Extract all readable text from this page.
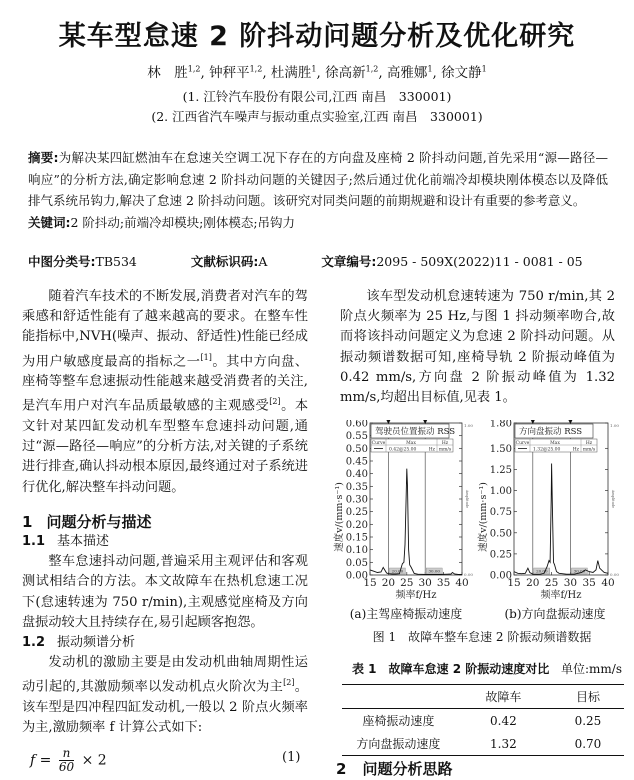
某车型怠速 2 阶抖动问题分析及优化研究
林　胜$^{1,2}$, 钟秤平$^{1,2}$, 杜满胜$^1$, 徐高新$^{1,2}$, 高雅娜$^1$, 徐文静$^1$
(1. 江铃汽车股份有限公司,江西 南昌　330001)
(2. 江西省汽车噪声与振动重点实验室,江西 南昌　330001)
摘要:为解决某四缸燃油车在怠速关空调工况下存在的方向盘及座椅 2 阶抖动问题,首先采用“源—路径—响应”的分析方法,确定影响怠速 2 阶抖动问题的关键因子;然后通过优化前端冷却模块刚体模态以及降低排气系统吊钩力,解决了怠速 2 阶抖动问题。该研究对同类问题的前期规避和设计有重要的参考意义。
关键词:2 阶抖动;前端冷却模块;刚体模态;吊钩力
中图分类号:TB534	文献标识码:A	文章编号:2095 - 509X(2022)11 - 0081 - 05

随着汽车技术的不断发展,消费者对汽车的驾乘感和舒适性能有了越来越高的要求。在整车性能指标中,NVH(噪声、振动、舒适性)性能已经成为用户敏感度最高的指标之一[1]。其中方向盘、座椅等整车怠速振动性能越来越受消费者的关注,是汽车用户对汽车品质最敏感的主观感受[2]。本文针对某四缸发动机车型整车怠速抖动问题,通过“源—路径—响应”的分析方法,对关键的子系统进行排查,确认抖动根本原因,最终通过对子系统进行优化,解决整车抖动问题。

1 问题分析与描述
1.1 基本描述

整车怠速抖动问题,普遍采用主观评估和客观测试相结合的方法。本文故障车在热机怠速工况下(怠速转速为 750 r/min),主观感觉座椅及方向盘振动较大且持续存在,易引起顾客抱怨。

1.2 振动频谱分析

发动机的激励主要是由发动机曲轴周期性运动引起的,其激励频率以发动机点火阶次为主[2]。该车型是四冲程四缸发动机,一般以 2 阶点火频率为主,激励频率 f 计算公式如下:

$f = \frac{n}{60} \times 2$	(1)

该车型发动机怠速转速为 750 r/min,其 2 阶点火频率为 25 Hz,与图 1 抖动频率吻合,故而将该抖动问题定义为怠速 2 阶抖动问题。从振动频谱数据可知,座椅导轨 2 阶振动峰值为 0.42 mm/s,方向盘 2 阶振动峰值为 1.32 mm/s,均超出目标值,见表 1。

0.00
0.05
0.10
0.15
0.20
0.25
0.30
0.35
0.40
0.45
0.50
0.55
0.60
15 20 25 30 35 40
20.00	30.00
1.00
0.00
Amplitude
驾驶员位置振动 RSS
Curve	Max	Hz
0.42@25.00	Hz mm/s
频率f/Hz
速度v/(mm·s⁻¹)
0.00
0.25
0.50
0.75
1.00
1.25
1.50
1.80
15 20 25 30 35 40
20.00	30.00
1.00
0.00
Amplitude
方向盘振动 RSS
Curve	Max	Hz
1.32@25.00	Hz mm/s
频率f/Hz
速度v/(mm·s⁻¹)
(a)主驾座椅振动速度	(b)方向盘振动速度
图 1　故障车整车怠速 2 阶振动频谱数据
表 1　故障车怠速 2 阶振动速度对比 单位:mm/s
	故障车	目标
座椅振动速度	0.42	0.25
方向盘振动速度	1.32	0.70
2 问题分析思路
